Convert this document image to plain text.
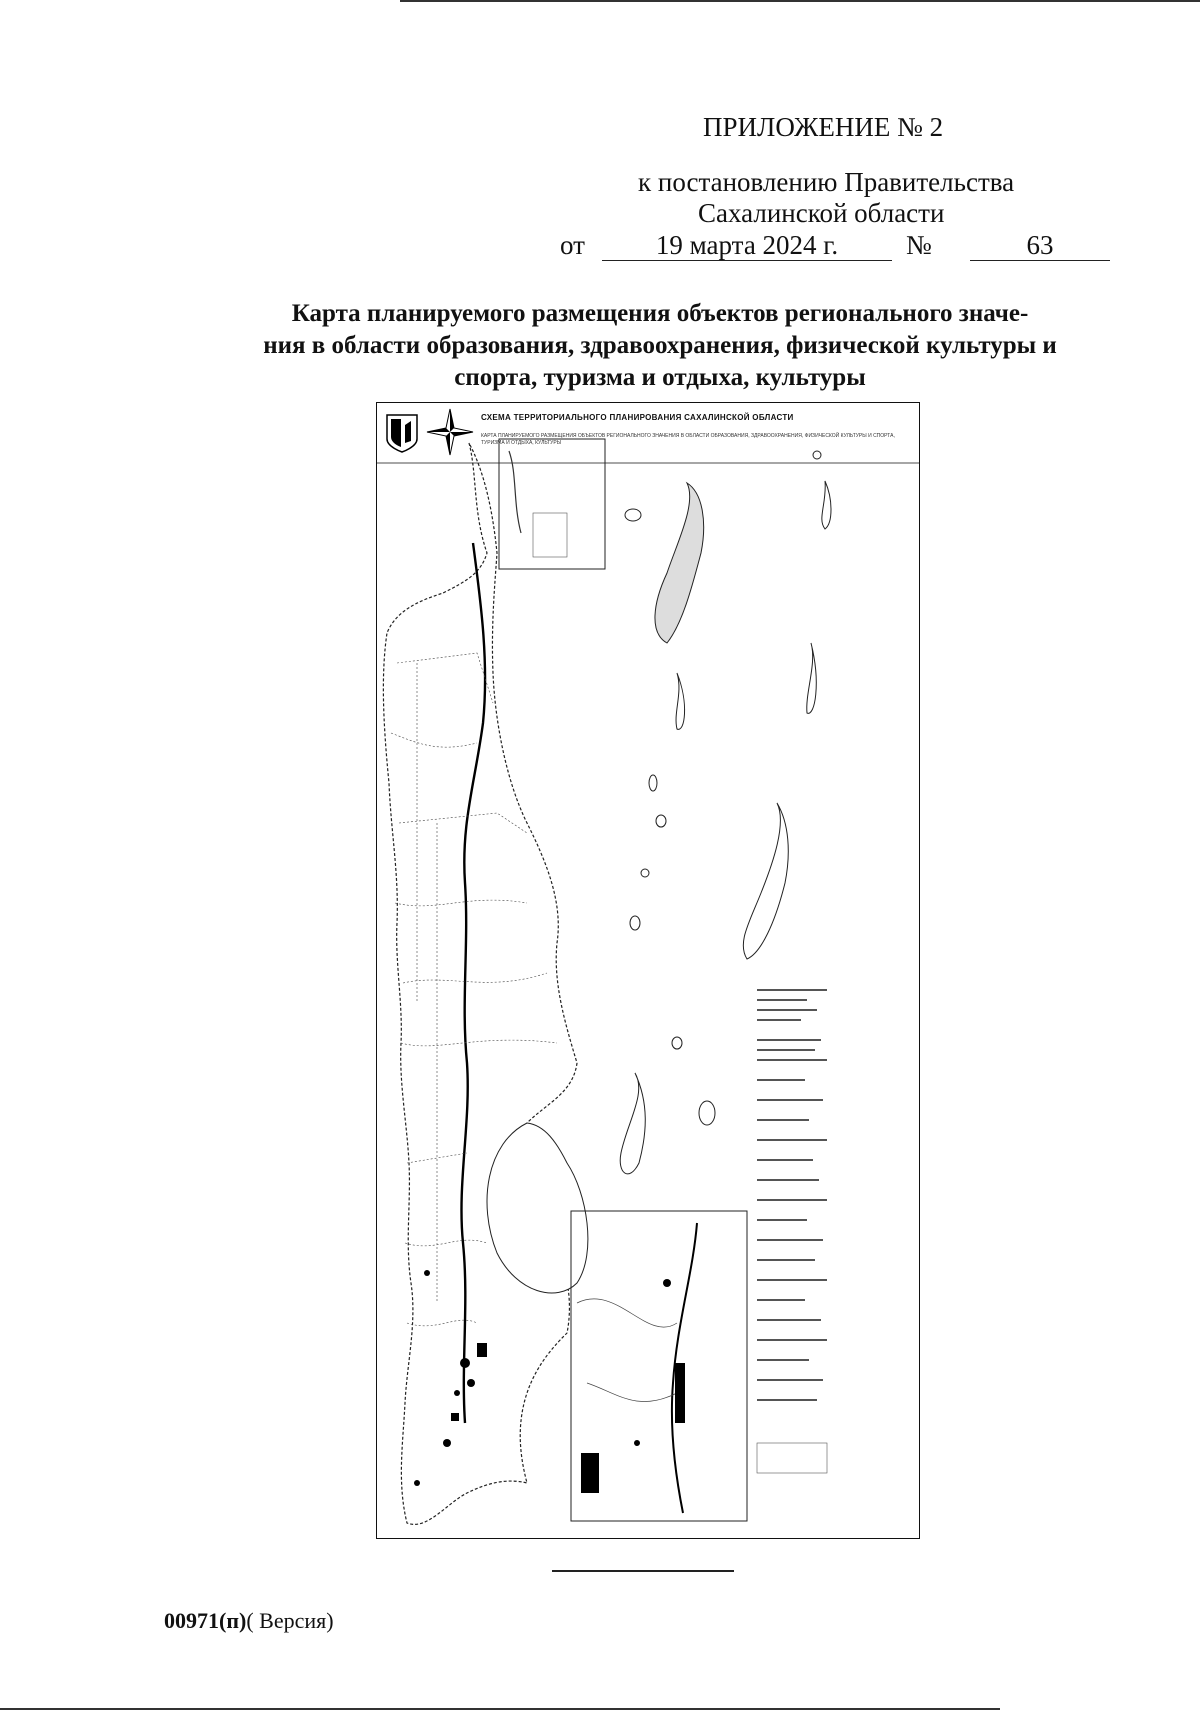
ПРИЛОЖЕНИЕ № 2
к постановлению Правительства
Сахалинской области
от	19 марта 2024 г.	№	63
Карта планируемого размещения объектов регионального значе-
ния в области образования, здравоохранения, физической культуры и
спорта, туризма и отдыха, культуры
СХЕМА ТЕРРИТОРИАЛЬНОГО ПЛАНИРОВАНИЯ САХАЛИНСКОЙ ОБЛАСТИ
КАРТА ПЛАНИРУЕМОГО РАЗМЕЩЕНИЯ ОБЪЕКТОВ РЕГИОНАЛЬНОГО ЗНАЧЕНИЯ В ОБЛАСТИ ОБРАЗОВАНИЯ, ЗДРАВООХРАНЕНИЯ, ФИЗИЧЕСКОЙ КУЛЬТУРЫ И СПОРТА, ТУРИЗМА И ОТДЫХА, КУЛЬТУРЫ
00971(п)( Версия)
